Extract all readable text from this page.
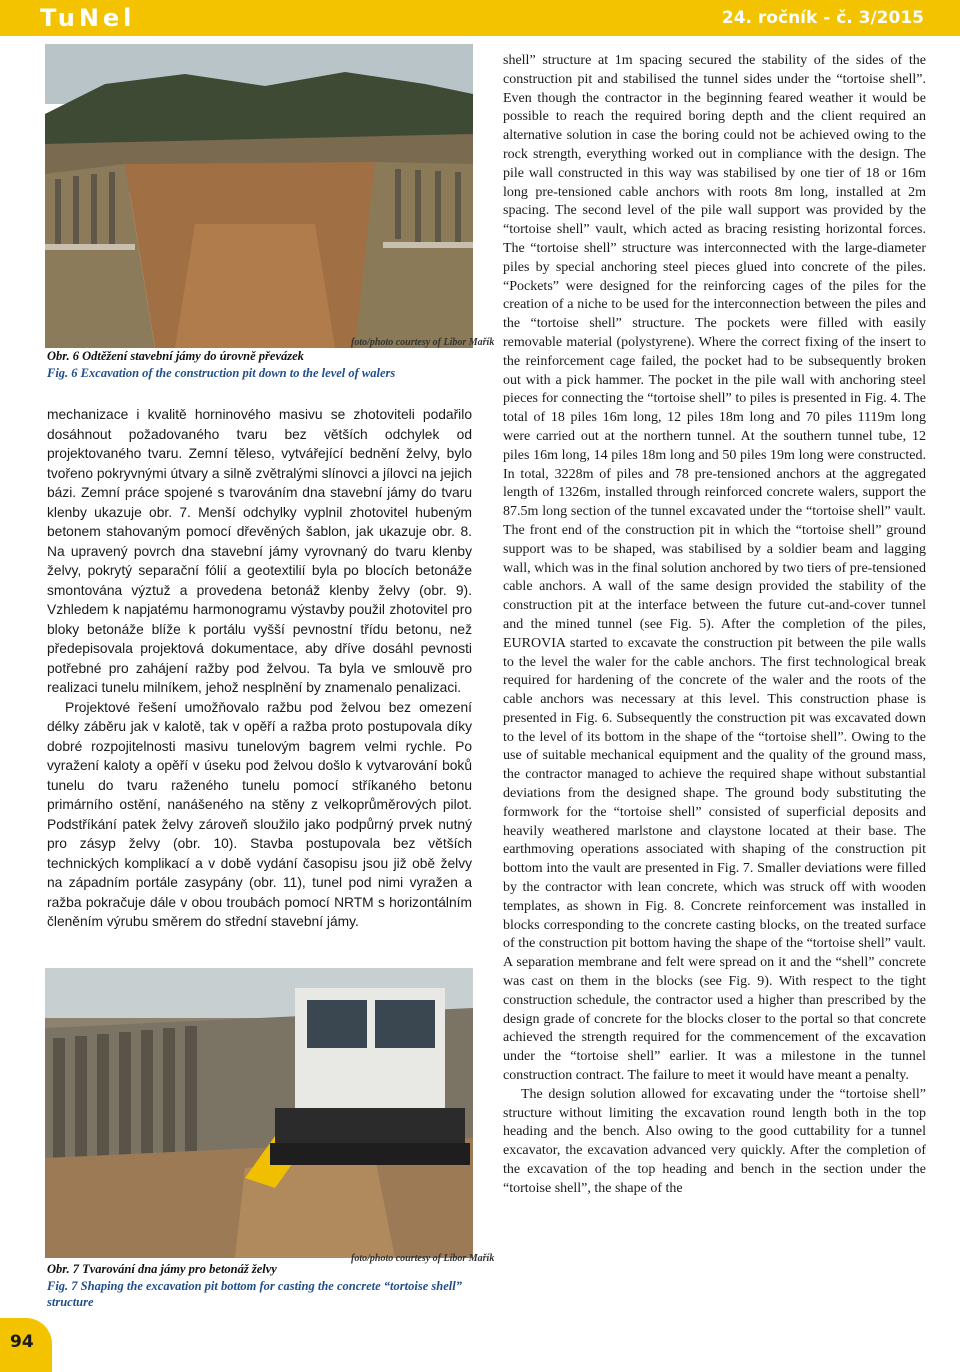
TuNel	24. ročník - č. 3/2015
foto/photo courtesy of Libor Mařík
Obr. 6 Odtěžení stavební jámy do úrovně převázek
Fig. 6 Excavation of the construction pit down to the level of walers

mechanizace i kvalitě horninového masivu se zhotoviteli podařilo dosáhnout požadovaného tvaru bez větších odchylek od projektovaného tvaru. Zemní těleso, vytvářející bednění želvy, bylo tvořeno pokryvnými útvary a silně zvětralými slínovci a jílovci na jejich bázi. Zemní práce spojené s tvarováním dna stavební jámy do tvaru klenby ukazuje obr. 7. Menší odchylky vyplnil zhotovitel hubeným betonem stahovaným pomocí dřevěných šablon, jak ukazuje obr. 8. Na upravený povrch dna stavební jámy vyrovnaný do tvaru klenby želvy, pokrytý separační fólií a geotextilií byla po blocích betonáže smontována výztuž a provedena betonáž klenby želvy (obr. 9). Vzhledem k napjatému harmonogramu výstavby použil zhotovitel pro bloky betonáže blíže k portálu vyšší pevnostní třídu betonu, než předepisovala projektová dokumentace, aby dříve dosáhl pevnosti potřebné pro zahájení ražby pod želvou. Ta byla ve smlouvě pro realizaci tunelu milníkem, jehož nesplnění by znamenalo penalizaci.

Projektové řešení umožňovalo ražbu pod želvou bez omezení délky záběru jak v kalotě, tak v opěří a ražba proto postupovala díky dobré rozpojitelnosti masivu tunelovým bagrem velmi rychle. Po vyražení kaloty a opěří v úseku pod želvou došlo k vytvarování boků tunelu do tvaru raženého tunelu pomocí stříkaného betonu primárního ostění, nanášeného na stěny z velkoprůměrových pilot. Podstříkání patek želvy zároveň sloužilo jako podpůrný prvek nutný pro zásyp želvy (obr. 10). Stavba postupovala bez větších technických komplikací a v době vydání časopisu jsou již obě želvy na západním portále zasypány (obr. 11), tunel pod nimi vyražen a ražba pokračuje dále v obou troubách pomocí NRTM s horizontálním členěním výrubu směrem do střední stavební jámy.

foto/photo courtesy of Libor Mařík
Obr. 7 Tvarování dna jámy pro betonáž želvy
Fig. 7 Shaping the excavation pit bottom for casting the concrete “tortoise shell” structure

shell” structure at 1m spacing secured the stability of the sides of the construction pit and stabilised the tunnel sides under the “tortoise shell”. Even though the contractor in the beginning feared weather it would be possible to reach the required boring depth and the client required an alternative solution in case the boring could not be achieved owing to the rock strength, everything worked out in compliance with the design. The pile wall constructed in this way was stabilised by one tier of 18 or 16m long pre-tensioned cable anchors with roots 8m long, installed at 2m spacing. The second level of the pile wall support was provided by the “tortoise shell” vault, which acted as bracing resisting horizontal forces. The “tortoise shell” structure was interconnected with the large-diameter piles by special anchoring steel pieces glued into concrete of the piles. “Pockets” were designed for the reinforcing cages of the piles for the creation of a niche to be used for the interconnection between the piles and the “tortoise shell” structure. The pockets were filled with easily removable material (polystyrene). Where the correct fixing of the insert to the reinforcement cage failed, the pocket had to be subsequently broken out with a pick hammer. The pocket in the pile wall with anchoring steel pieces for connecting the “tortoise shell” to piles is presented in Fig. 4. The total of 18 piles 16m long, 12 piles 18m long and 70 piles 1119m long were carried out at the northern tunnel. At the southern tunnel tube, 12 piles 16m long, 14 piles 18m long and 50 piles 19m long were constructed. In total, 3228m of piles and 78 pre-tensioned anchors at the aggregated length of 1326m, installed through reinforced concrete walers, support the 87.5m long section of the tunnel excavated under the “tortoise shell” vault. The front end of the construction pit in which the “tortoise shell” ground support was to be shaped, was stabilised by a soldier beam and lagging wall, which was in the final solution anchored by two tiers of pre-tensioned cable anchors. A wall of the same design provided the stability of the construction pit at the interface between the future cut-and-cover tunnel and the mined tunnel (see Fig. 5). After the completion of the piles, EUROVIA started to excavate the construction pit between the pile walls to the level the waler for the cable anchors. The first technological break required for hardening of the concrete of the waler and the roots of the cable anchors was necessary at this level. This construction phase is presented in Fig. 6. Subsequently the construction pit was excavated down to the level of its bottom in the shape of the “tortoise shell”. Owing to the use of suitable mechanical equipment and the quality of the ground mass, the contractor managed to achieve the required shape without substantial deviations from the designed shape. The ground body substituting the formwork for the “tortoise shell” consisted of superficial deposits and heavily weathered marlstone and claystone located at their base. The earthmoving operations associated with shaping of the construction pit bottom into the vault are presented in Fig. 7. Smaller deviations were filled by the contractor with lean concrete, which was struck off with wooden templates, as shown in Fig. 8. Concrete reinforcement was installed in blocks corresponding to the concrete casting blocks, on the treated surface of the construction pit bottom having the shape of the “tortoise shell” vault. A separation membrane and felt were spread on it and the “shell” concrete was cast on them in the blocks (see Fig. 9). With respect to the tight construction schedule, the contractor used a higher than prescribed by the design grade of concrete for the blocks closer to the portal so that concrete achieved the strength required for the commencement of the excavation under the “tortoise shell” earlier. It was a milestone in the tunnel construction contract. The failure to meet it would have meant a penalty.

The design solution allowed for excavating under the “tortoise shell” structure without limiting the excavation round length both in the top heading and the bench. Also owing to the good cuttability for a tunnel excavator, the excavation advanced very quickly. After the completion of the excavation of the top heading and bench in the section under the “tortoise shell”, the shape of the

94
